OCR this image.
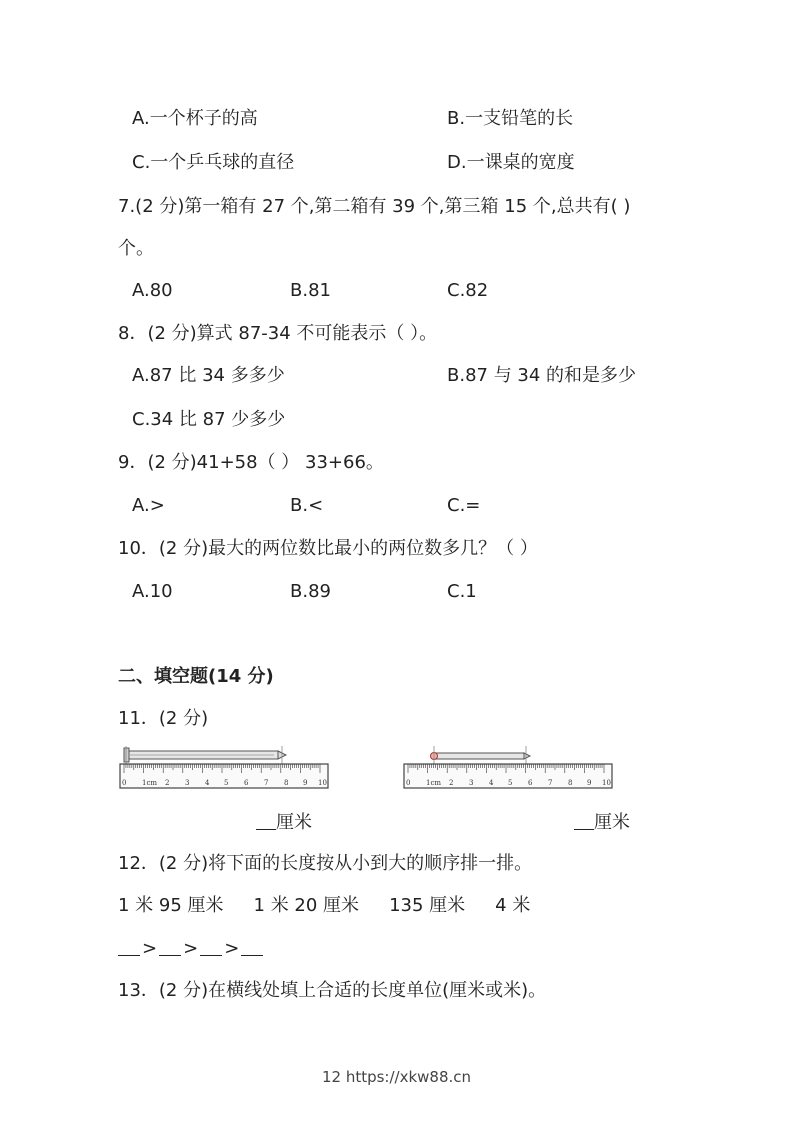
A.一个杯子的高	B.一支铅笔的长
C.一个乒乓球的直径	D.一课桌的宽度
7.(2 分)第一箱有 27 个,第二箱有 39 个,第三箱 15 个,总共有( )
个。
A.80	B.81	C.82
8．(2 分)算式 87-34 不可能表示（ ）。
A.87 比 34 多多少	B.87 与 34 的和是多少
C.34 比 87 少多少
9．(2 分)41+58（ ） 33+66。
A.>	B.<	C.=
10．(2 分)最大的两位数比最小的两位数多几？（ ）
A.10	B.89	C.1
二、填空题(14 分)
11．(2 分)
0 1cm 2 3 4 5 6 7 8 9 10	0 1cm 2 3 4 5 6 7 8 9 10
厘米	厘米
12．(2 分)将下面的长度按从小到大的顺序排一排。
1 米 95 厘米 1 米 20 厘米 135 厘米 4 米
> > >
13．(2 分)在横线处填上合适的长度单位(厘米或米)。
12 https://xkw88.cn
